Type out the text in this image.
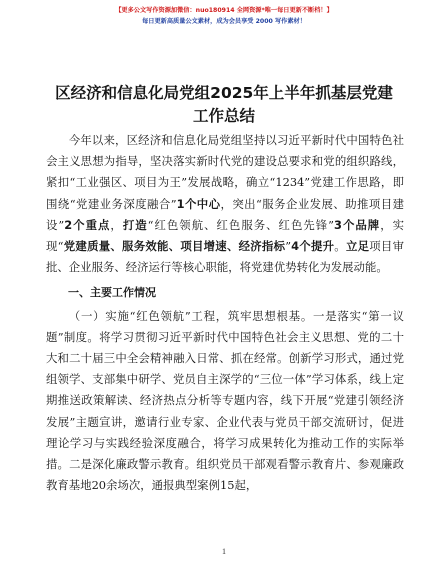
【更多公文写作资源加微信：nuo180914 全网资源*唯一每日更新不断档！】
每日更新高质量公文素材，成为会员享受 2000 写作素材！
区经济和信息化局党组2025年上半年抓基层党建工作总结

今年以来，区经济和信息化局党组坚持以习近平新时代中国特色社会主义思想为指导，坚决落实新时代党的建设总要求和党的组织路线，紧扣“工业强区、项目为王”发展战略，确立“1234”党建工作思路，即围绕“党建业务深度融合”1个中心，突出“服务企业发展、助推项目建设”2个重点，打造“红色领航、红色服务、红色先锋”3个品牌，实现“党建质量、服务效能、项目增速、经济指标”4个提升。立足项目审批、企业服务、经济运行等核心职能，将党建优势转化为发展动能。

一、主要工作情况

（一）实施“红色领航”工程，筑牢思想根基。一是落实“第一议题”制度。将学习贯彻习近平新时代中国特色社会主义思想、党的二十大和二十届三中全会精神融入日常、抓在经常。创新学习形式，通过党组领学、支部集中研学、党员自主深学的“三位一体”学习体系，线上定期推送政策解读、经济热点分析等专题内容，线下开展“党建引领经济发展”主题宣讲，邀请行业专家、企业代表与党员干部交流研讨，促进理论学习与实践经验深度融合，将学习成果转化为推动工作的实际举措。二是深化廉政警示教育。组织党员干部观看警示教育片、参观廉政教育基地20余场次，通报典型案例15起，

1
